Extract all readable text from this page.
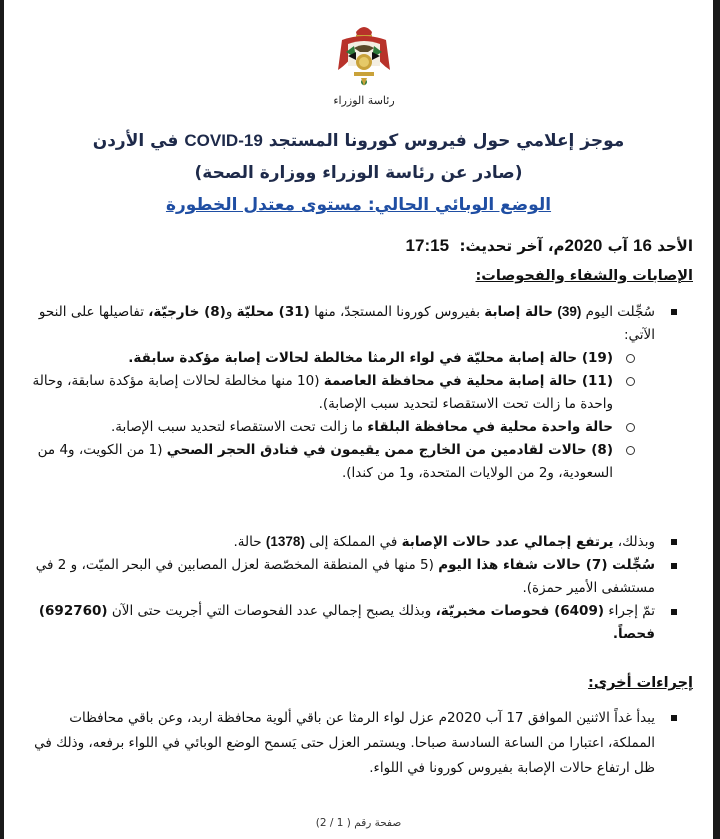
رئاسة الوزراء
موجز إعلامي حول فيروس كورونا المستجد COVID-19 في الأردن
(صادر عن رئاسة الوزراء ووزارة الصحة)
الوضع الوبائي الحالي: مستوى معتدل الخطورة
الأحد 16 آب 2020م، آخر تحديث:  17:15
الإصابات والشفاء والفحوصات:
سُجِّلت اليوم (39) حالة إصابة بفيروس كورونا المستجدّ، منها (31) محليّة و(8) خارجيّة، تفاصيلها على النحو الآتي:
(19) حالة إصابة محليّة في لواء الرمثا مخالطة لحالات إصابة مؤكدة سابقة.
(11) حالة إصابة محلية في محافظة العاصمة (10 منها مخالطة لحالات إصابة مؤكدة سابقة، وحالة واحدة ما زالت تحت الاستقصاء لتحديد سبب الإصابة).
حالة واحدة محلية في محافظة البلقاء ما زالت تحت الاستقصاء لتحديد سبب الإصابة.
(8) حالات لقادمين من الخارج ممن يقيمون في فنادق الحجر الصحي (1 من الكويت، و4 من السعودية، و2 من الولايات المتحدة، و1 من كندا).
وبذلك، يرتفع إجمالي عدد حالات الإصابة في المملكة إلى (1378) حالة.
سُجِّلت (7) حالات شفاء هذا اليوم (5 منها في المنطقة المخصّصة لعزل المصابين في البحر الميّت، و 2 في مستشفى الأمير حمزة).
تمّ إجراء (6409) فحوصات مخبريّة، وبذلك يصبح إجمالي عدد الفحوصات التي أجريت حتى الآن (692760) فحصاً.
إجراءات أخرى:
يبدأ غداً الاثنين الموافق 17 آب 2020م عزل لواء الرمثا عن باقي ألوية محافظة اربد، وعن باقي محافظات المملكة، اعتبارا من الساعة السادسة صباحا. ويستمر العزل حتى يَسمح الوضع الوبائي في اللواء برفعه، وذلك في ظل ارتفاع حالات الإصابة بفيروس كورونا في اللواء.
صفحة رقم ( 1 / 2)
